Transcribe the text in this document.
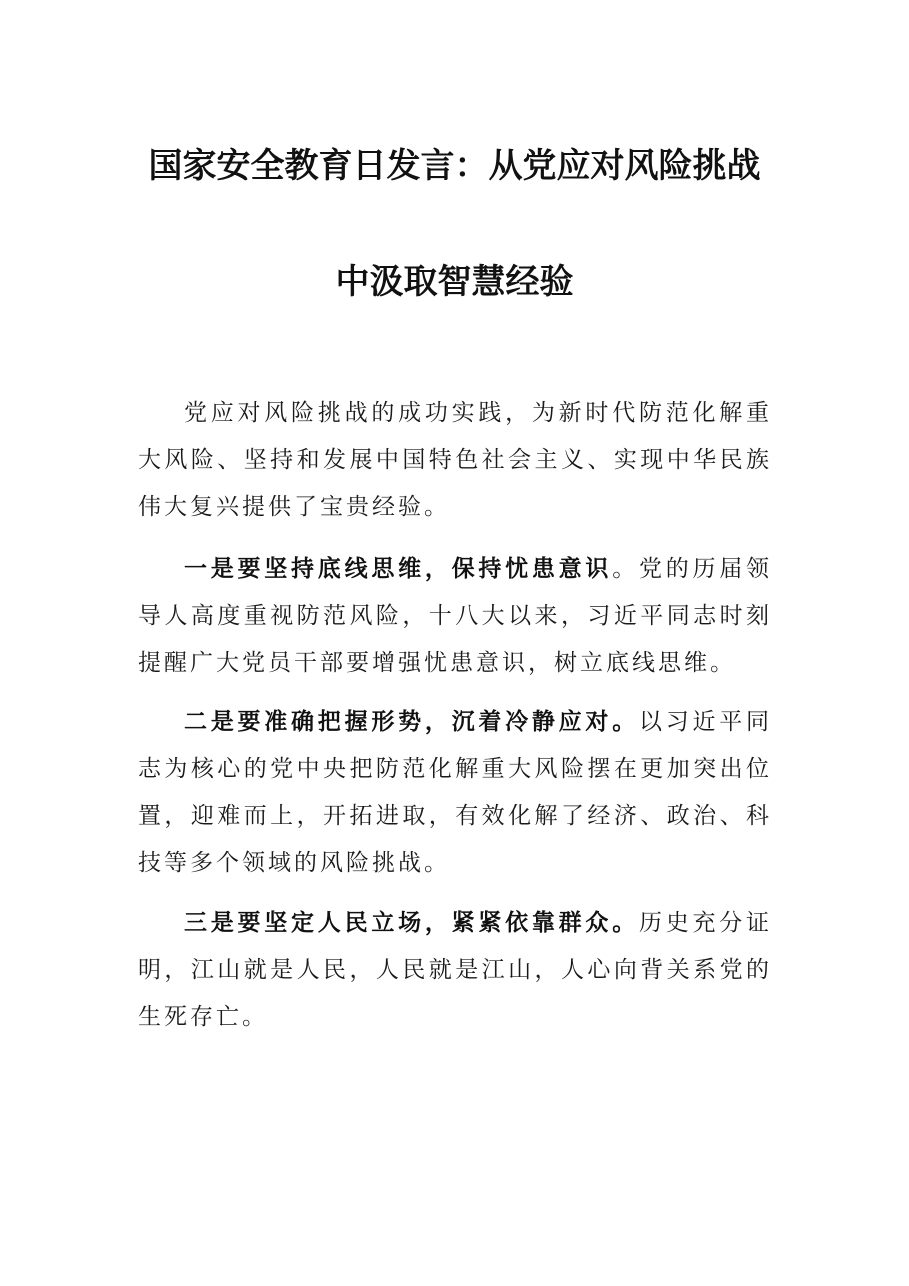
国家安全教育日发言：从党应对风险挑战
中汲取智慧经验

党应对风险挑战的成功实践，为新时代防范化解重大风险、坚持和发展中国特色社会主义、实现中华民族伟大复兴提供了宝贵经验。

一是要坚持底线思维，保持忧患意识。党的历届领导人高度重视防范风险，十八大以来，习近平同志时刻提醒广大党员干部要增强忧患意识，树立底线思维。

二是要准确把握形势，沉着冷静应对。以习近平同志为核心的党中央把防范化解重大风险摆在更加突出位置，迎难而上，开拓进取，有效化解了经济、政治、科技等多个领域的风险挑战。

三是要坚定人民立场，紧紧依靠群众。历史充分证明，江山就是人民，人民就是江山，人心向背关系党的生死存亡。
